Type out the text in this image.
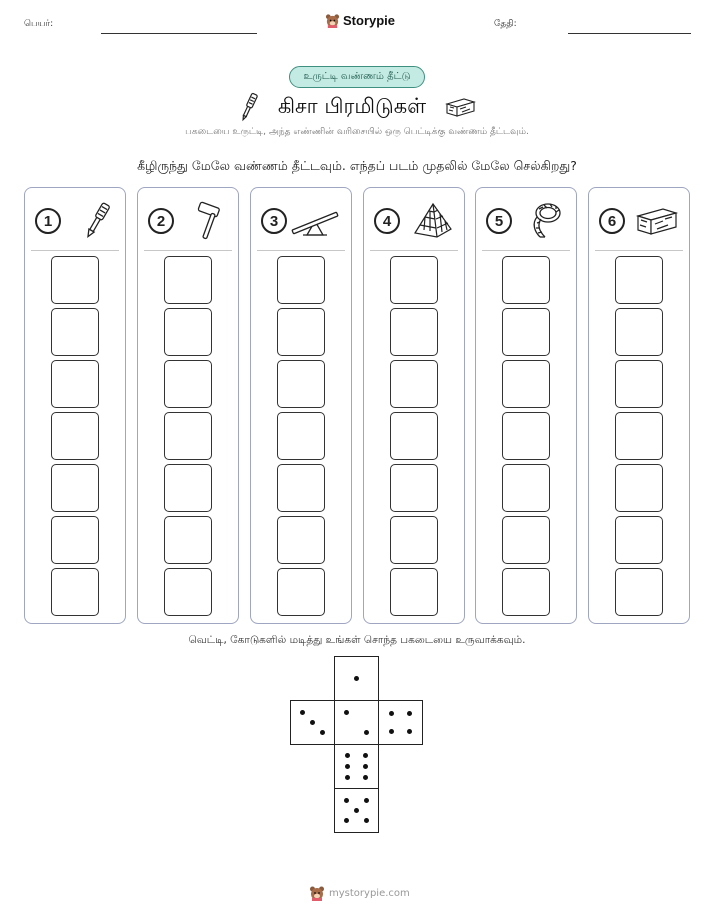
பெயர்:	Storypie	தேதி:
உருட்டி வண்ணம் தீட்டு
கிசா பிரமிடுகள்
பகடையை உருட்டி, அந்த எண்ணின் வரிசையில் ஒரு பெட்டிக்கு வண்ணம் தீட்டவும்.
கீழிருந்து மேலே வண்ணம் தீட்டவும். எந்தப் படம் முதலில் மேலே செல்கிறது?
1	2	3	4	5	6
வெட்டி, கோடுகளில் மடித்து உங்கள் சொந்த பகடையை உருவாக்கவும்.
mystorypie.com
